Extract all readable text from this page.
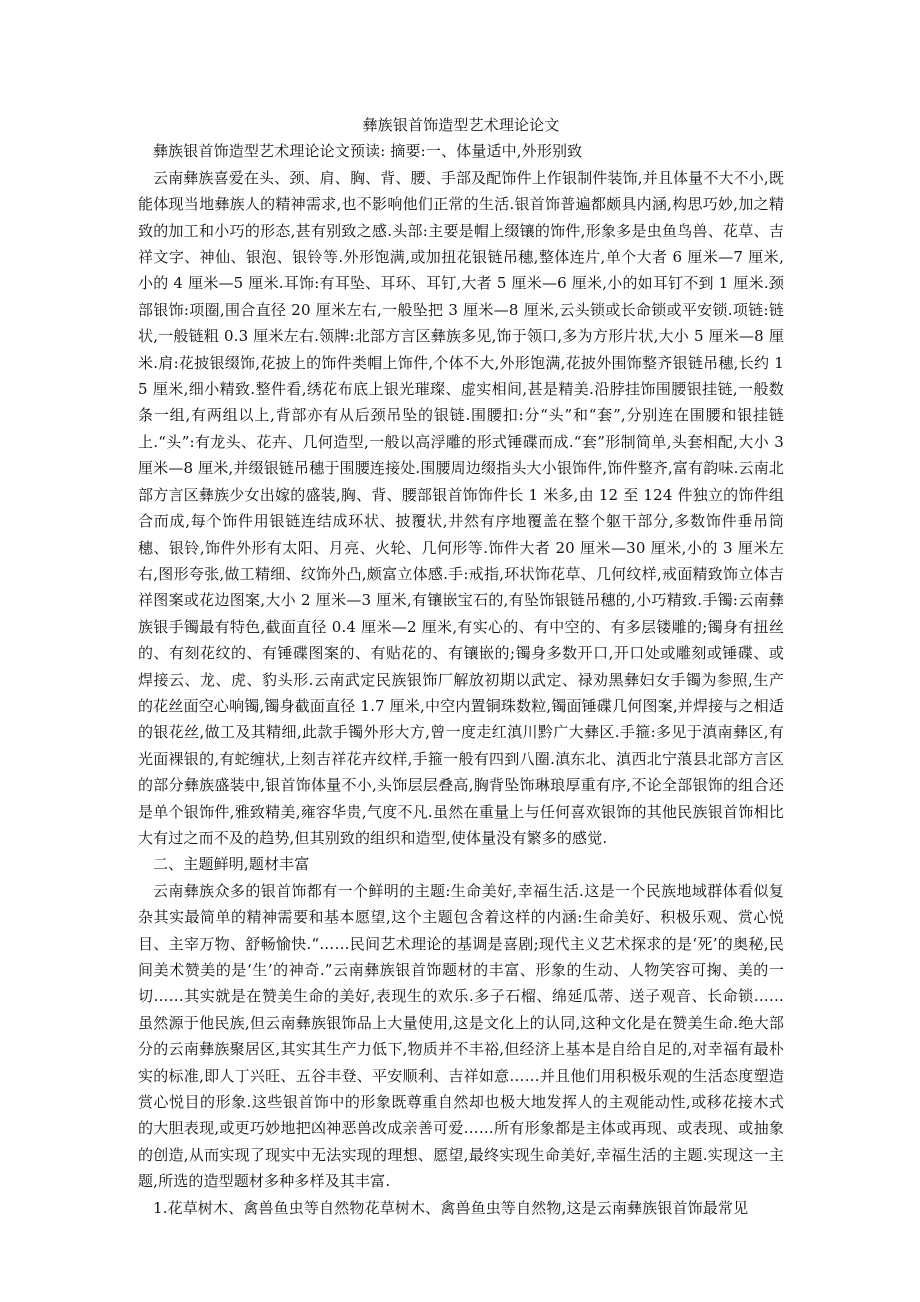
彝族银首饰造型艺术理论论文

彝族银首饰造型艺术理论论文预读: 摘要:一、体量适中,外形别致

云南彝族喜爱在头、颈、肩、胸、背、腰、手部及配饰件上作银制件装饰,并且体量不大不小,既能体现当地彝族人的精神需求,也不影响他们正常的生活.银首饰普遍都颇具内涵,构思巧妙,加之精致的加工和小巧的形态,甚有别致之感.头部:主要是帽上缀镶的饰件,形象多是虫鱼鸟兽、花草、吉祥文字、神仙、银泡、银铃等.外形饱满,或加扭花银链吊穗,整体连片,单个大者 6 厘米—7 厘米,小的 4 厘米—5 厘米.耳饰:有耳坠、耳环、耳钉,大者 5 厘米—6 厘米,小的如耳钉不到 1 厘米.颈部银饰:项圈,围合直径 20 厘米左右,一般坠把 3 厘米—8 厘米,云头锁或长命锁或平安锁.项链:链状,一般链粗 0.3 厘米左右.领牌:北部方言区彝族多见,饰于领口,多为方形片状,大小 5 厘米—8 厘米.肩:花披银缀饰,花披上的饰件类帽上饰件,个体不大,外形饱满,花披外围饰整齐银链吊穗,长约 15 厘米,细小精致.整件看,绣花布底上银光璀璨、虚实相间,甚是精美.沿脖挂饰围腰银挂链,一般数条一组,有两组以上,背部亦有从后颈吊坠的银链.围腰扣:分“头”和“套”,分别连在围腰和银挂链上.“头”:有龙头、花卉、几何造型,一般以高浮雕的形式锤碟而成.“套”形制简单,头套相配,大小 3 厘米—8 厘米,并缀银链吊穗于围腰连接处.围腰周边缀指头大小银饰件,饰件整齐,富有韵味.云南北部方言区彝族少女出嫁的盛装,胸、背、腰部银首饰饰件长 1 米多,由 12 至 124 件独立的饰件组合而成,每个饰件用银链连结成环状、披覆状,井然有序地覆盖在整个躯干部分,多数饰件垂吊筒穗、银铃,饰件外形有太阳、月亮、火轮、几何形等.饰件大者 20 厘米—30 厘米,小的 3 厘米左右,图形夸张,做工精细、纹饰外凸,颇富立体感.手:戒指,环状饰花草、几何纹样,戒面精致饰立体吉祥图案或花边图案,大小 2 厘米—3 厘米,有镶嵌宝石的,有坠饰银链吊穗的,小巧精致.手镯:云南彝族银手镯最有特色,截面直径 0.4 厘米—2 厘米,有实心的、有中空的、有多层镂雕的;镯身有扭丝的、有刻花纹的、有锤碟图案的、有贴花的、有镶嵌的;镯身多数开口,开口处或雕刻或锤碟、或焊接云、龙、虎、豹头形.云南武定民族银饰厂解放初期以武定、禄劝黑彝妇女手镯为参照,生产的花丝面空心响镯,镯身截面直径 1.7 厘米,中空内置铜珠数粒,镯面锤碟几何图案,并焊接与之相适的银花丝,做工及其精细,此款手镯外形大方,曾一度走红滇川黔广大彝区.手箍:多见于滇南彝区,有光面裸银的,有蛇缠状,上刻吉祥花卉纹样,手箍一般有四到八圈.滇东北、滇西北宁蒗县北部方言区的部分彝族盛装中,银首饰体量不小,头饰层层叠高,胸背坠饰琳琅厚重有序,不论全部银饰的组合还是单个银饰件,雅致精美,雍容华贵,气度不凡.虽然在重量上与任何喜欢银饰的其他民族银首饰相比大有过之而不及的趋势,但其别致的组织和造型,使体量没有繁多的感觉.

二、主题鲜明,题材丰富

云南彝族众多的银首饰都有一个鲜明的主题:生命美好,幸福生活.这是一个民族地域群体看似复杂其实最简单的精神需要和基本愿望,这个主题包含着这样的内涵:生命美好、积极乐观、赏心悦目、主宰万物、舒畅愉快.“……民间艺术理论的基调是喜剧;现代主义艺术探求的是‘死’的奥秘,民间美术赞美的是‘生’的神奇.”云南彝族银首饰题材的丰富、形象的生动、人物笑容可掬、美的一切……其实就是在赞美生命的美好,表现生的欢乐.多子石榴、绵延瓜蒂、送子观音、长命锁……虽然源于他民族,但云南彝族银饰品上大量使用,这是文化上的认同,这种文化是在赞美生命.绝大部分的云南彝族聚居区,其实其生产力低下,物质并不丰裕,但经济上基本是自给自足的,对幸福有最朴实的标准,即人丁兴旺、五谷丰登、平安顺利、吉祥如意……并且他们用积极乐观的生活态度塑造赏心悦目的形象.这些银首饰中的形象既尊重自然却也极大地发挥人的主观能动性,或移花接木式的大胆表现,或更巧妙地把凶神恶兽改成亲善可爱……所有形象都是主体或再现、或表现、或抽象的创造,从而实现了现实中无法实现的理想、愿望,最终实现生命美好,幸福生活的主题.实现这一主题,所选的造型题材多种多样及其丰富.

1.花草树木、禽兽鱼虫等自然物花草树木、禽兽鱼虫等自然物,这是云南彝族银首饰最常见
